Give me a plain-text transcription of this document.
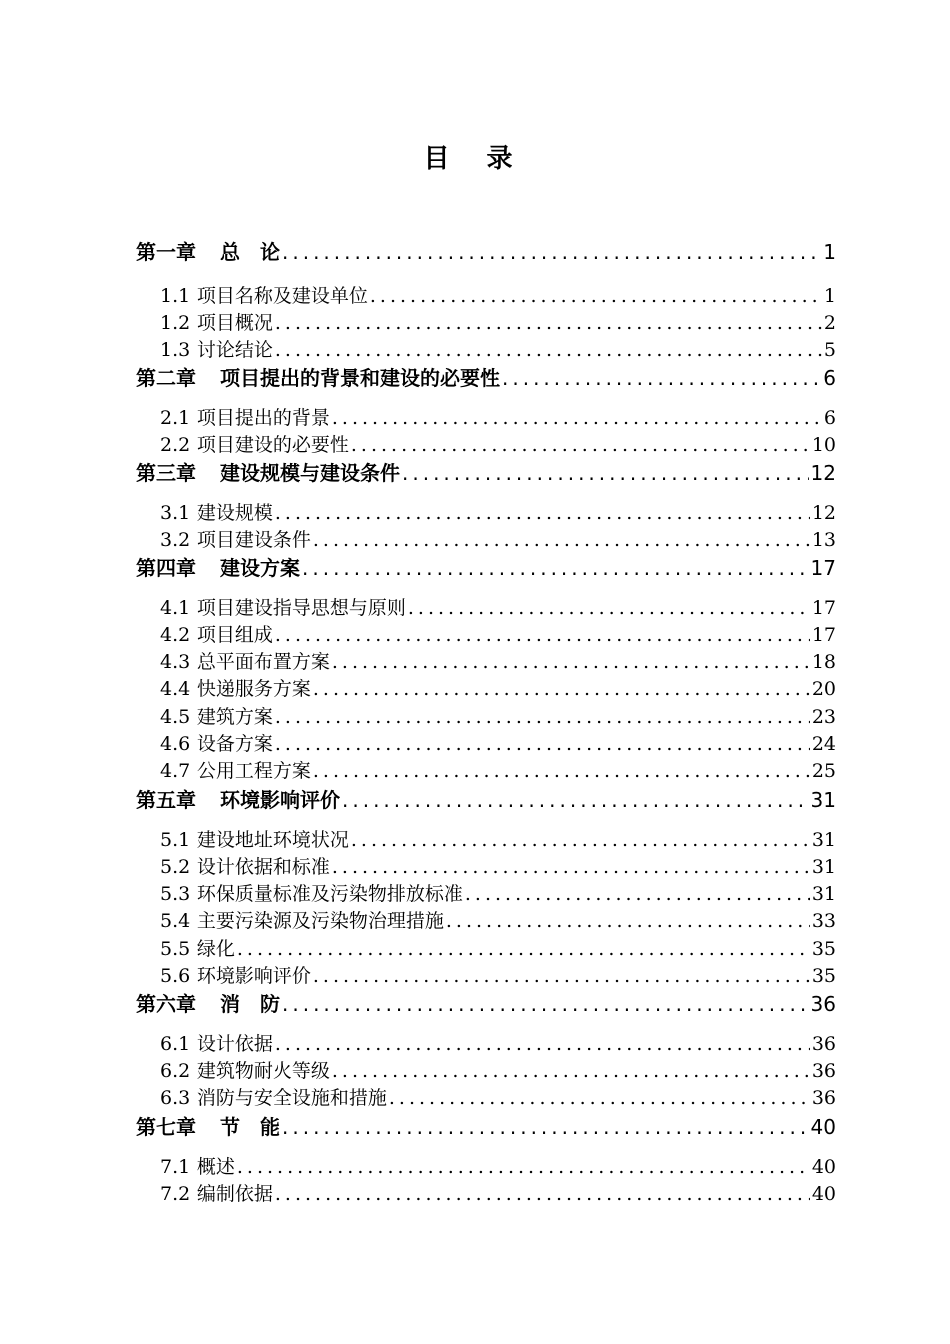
目 录
第一章 总　论 .....	1
1.1 项目名称及建设单位 .....	1
1.2 项目概况 .....	2
1.3 讨论结论 .....	5
第二章 项目提出的背景和建设的必要性 .....	6
2.1 项目提出的背景 .....	6
2.2 项目建设的必要性 .....	10
第三章 建设规模与建设条件 .....	12
3.1 建设规模 .....	12
3.2 项目建设条件 .....	13
第四章 建设方案 .....	17
4.1 项目建设指导思想与原则 .....	17
4.2 项目组成 .....	17
4.3 总平面布置方案 .....	18
4.4 快递服务方案 .....	20
4.5 建筑方案 .....	23
4.6 设备方案 .....	24
4.7 公用工程方案 .....	25
第五章 环境影响评价 .....	31
5.1 建设地址环境状况 .....	31
5.2 设计依据和标准 .....	31
5.3 环保质量标准及污染物排放标准 .....	31
5.4 主要污染源及污染物治理措施 .....	33
5.5 绿化 .....	35
5.6 环境影响评价 .....	35
第六章 消　防 .....	36
6.1 设计依据 .....	36
6.2 建筑物耐火等级 .....	36
6.3 消防与安全设施和措施 .....	36
第七章 节　能 .....	40
7.1 概述 .....	40
7.2 编制依据 .....	40
